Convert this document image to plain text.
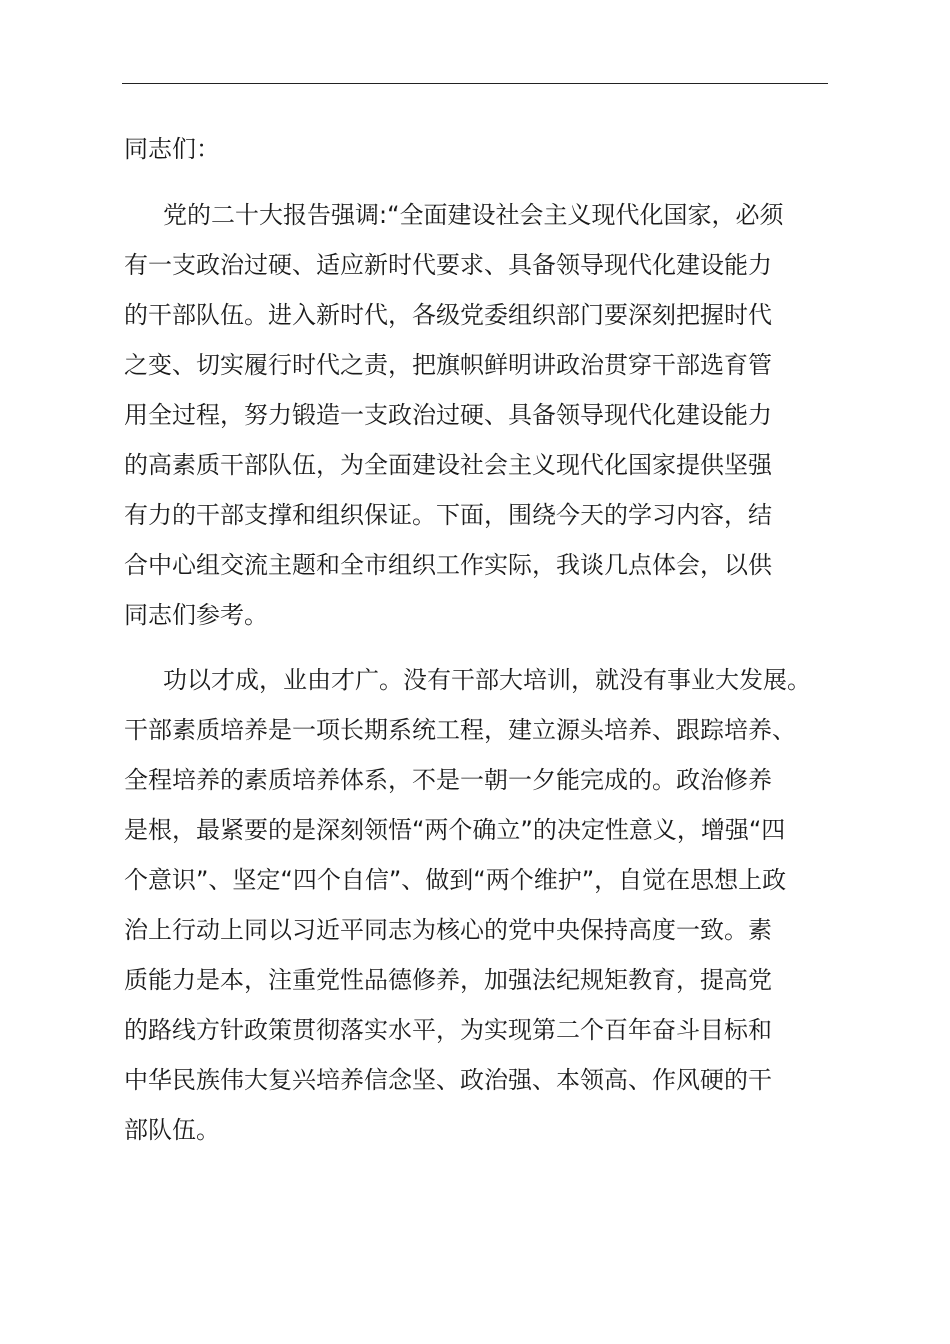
同志们：
党的二十大报告强调:“全面建设社会主义现代化国家，必须
有一支政治过硬、适应新时代要求、具备领导现代化建设能力
的干部队伍。进入新时代，各级党委组织部门要深刻把握时代
之变、切实履行时代之责，把旗帜鲜明讲政治贯穿干部选育管
用全过程，努力锻造一支政治过硬、具备领导现代化建设能力
的高素质干部队伍，为全面建设社会主义现代化国家提供坚强
有力的干部支撑和组织保证。下面，围绕今天的学习内容，结
合中心组交流主题和全市组织工作实际，我谈几点体会，以供
同志们参考。
功以才成，业由才广。没有干部大培训，就没有事业大发展。
干部素质培养是一项长期系统工程，建立源头培养、跟踪培养、
全程培养的素质培养体系，不是一朝一夕能完成的。政治修养
是根，最紧要的是深刻领悟“两个确立”的决定性意义，增强“四
个意识”、坚定“四个自信”、做到“两个维护”，自觉在思想上政
治上行动上同以习近平同志为核心的党中央保持高度一致。素
质能力是本，注重党性品德修养，加强法纪规矩教育，提高党
的路线方针政策贯彻落实水平，为实现第二个百年奋斗目标和
中华民族伟大复兴培养信念坚、政治强、本领高、作风硬的干
部队伍。
